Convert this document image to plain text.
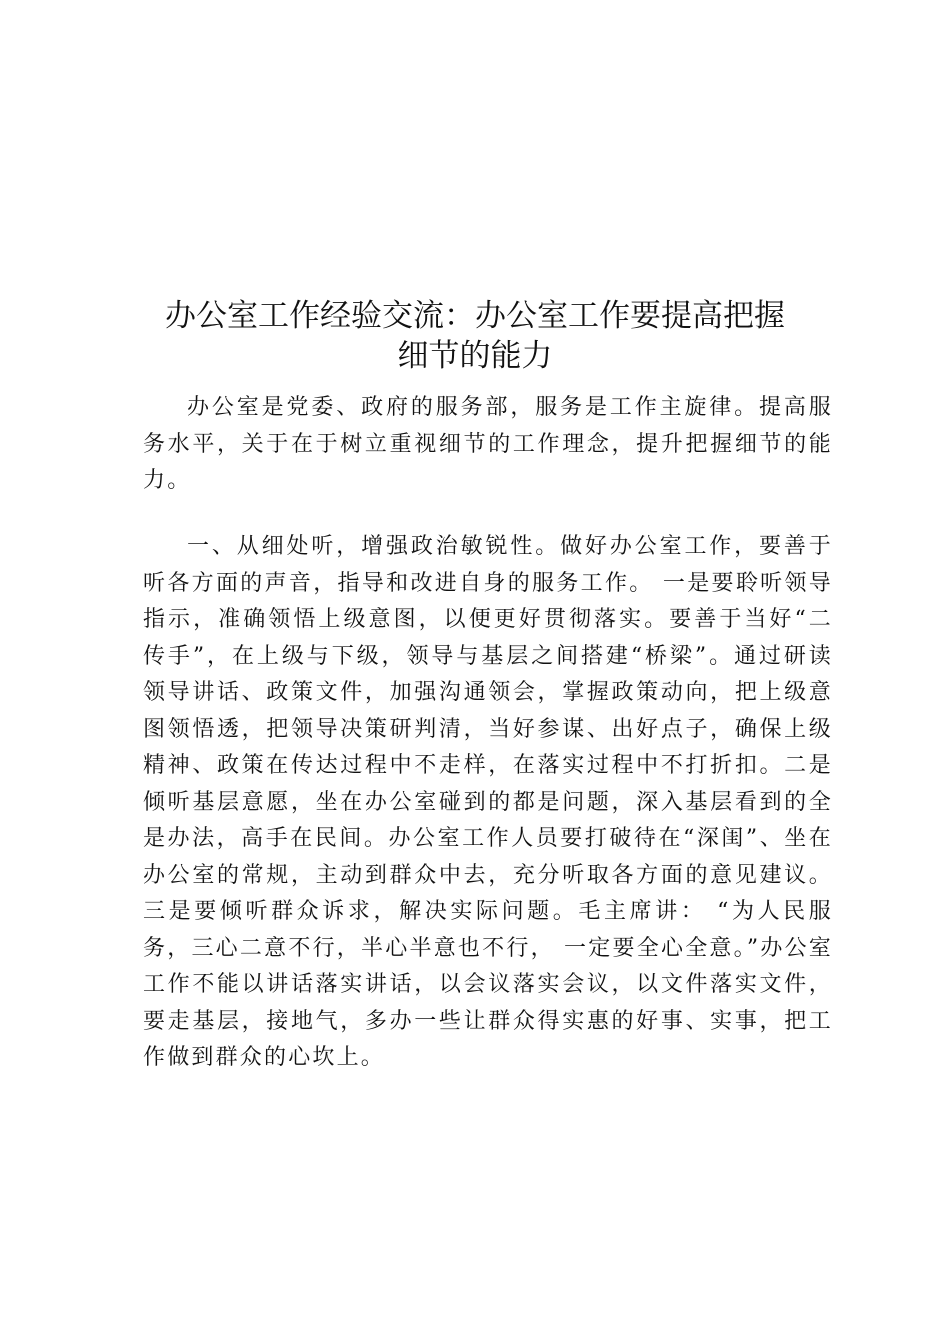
办公室工作经验交流：办公室工作要提高把握
细节的能力

办公室是党委、政府的服务部，服务是工作主旋律。提高服务水平，关于在于树立重视细节的工作理念，提升把握细节的能力。

一、从细处听，增强政治敏锐性。做好办公室工作，要善于听各方面的声音，指导和改进自身的服务工作。 一是要聆听领导指示，准确领悟上级意图，以便更好贯彻落实。要善于当好“二传手”，在上级与下级，领导与基层之间搭建“桥梁”。通过研读领导讲话、政策文件，加强沟通领会，掌握政策动向，把上级意图领悟透，把领导决策研判清，当好参谋、出好点子，确保上级精神、政策在传达过程中不走样，在落实过程中不打折扣。二是倾听基层意愿，坐在办公室碰到的都是问题，深入基层看到的全是办法，高手在民间。办公室工作人员要打破待在“深闺”、坐在办公室的常规，主动到群众中去，充分听取各方面的意见建议。三是要倾听群众诉求，解决实际问题。毛主席讲： “为人民服务，三心二意不行，半心半意也不行， 一定要全心全意。”办公室工作不能以讲话落实讲话，以会议落实会议，以文件落实文件，要走基层，接地气，多办一些让群众得实惠的好事、实事，把工作做到群众的心坎上。
